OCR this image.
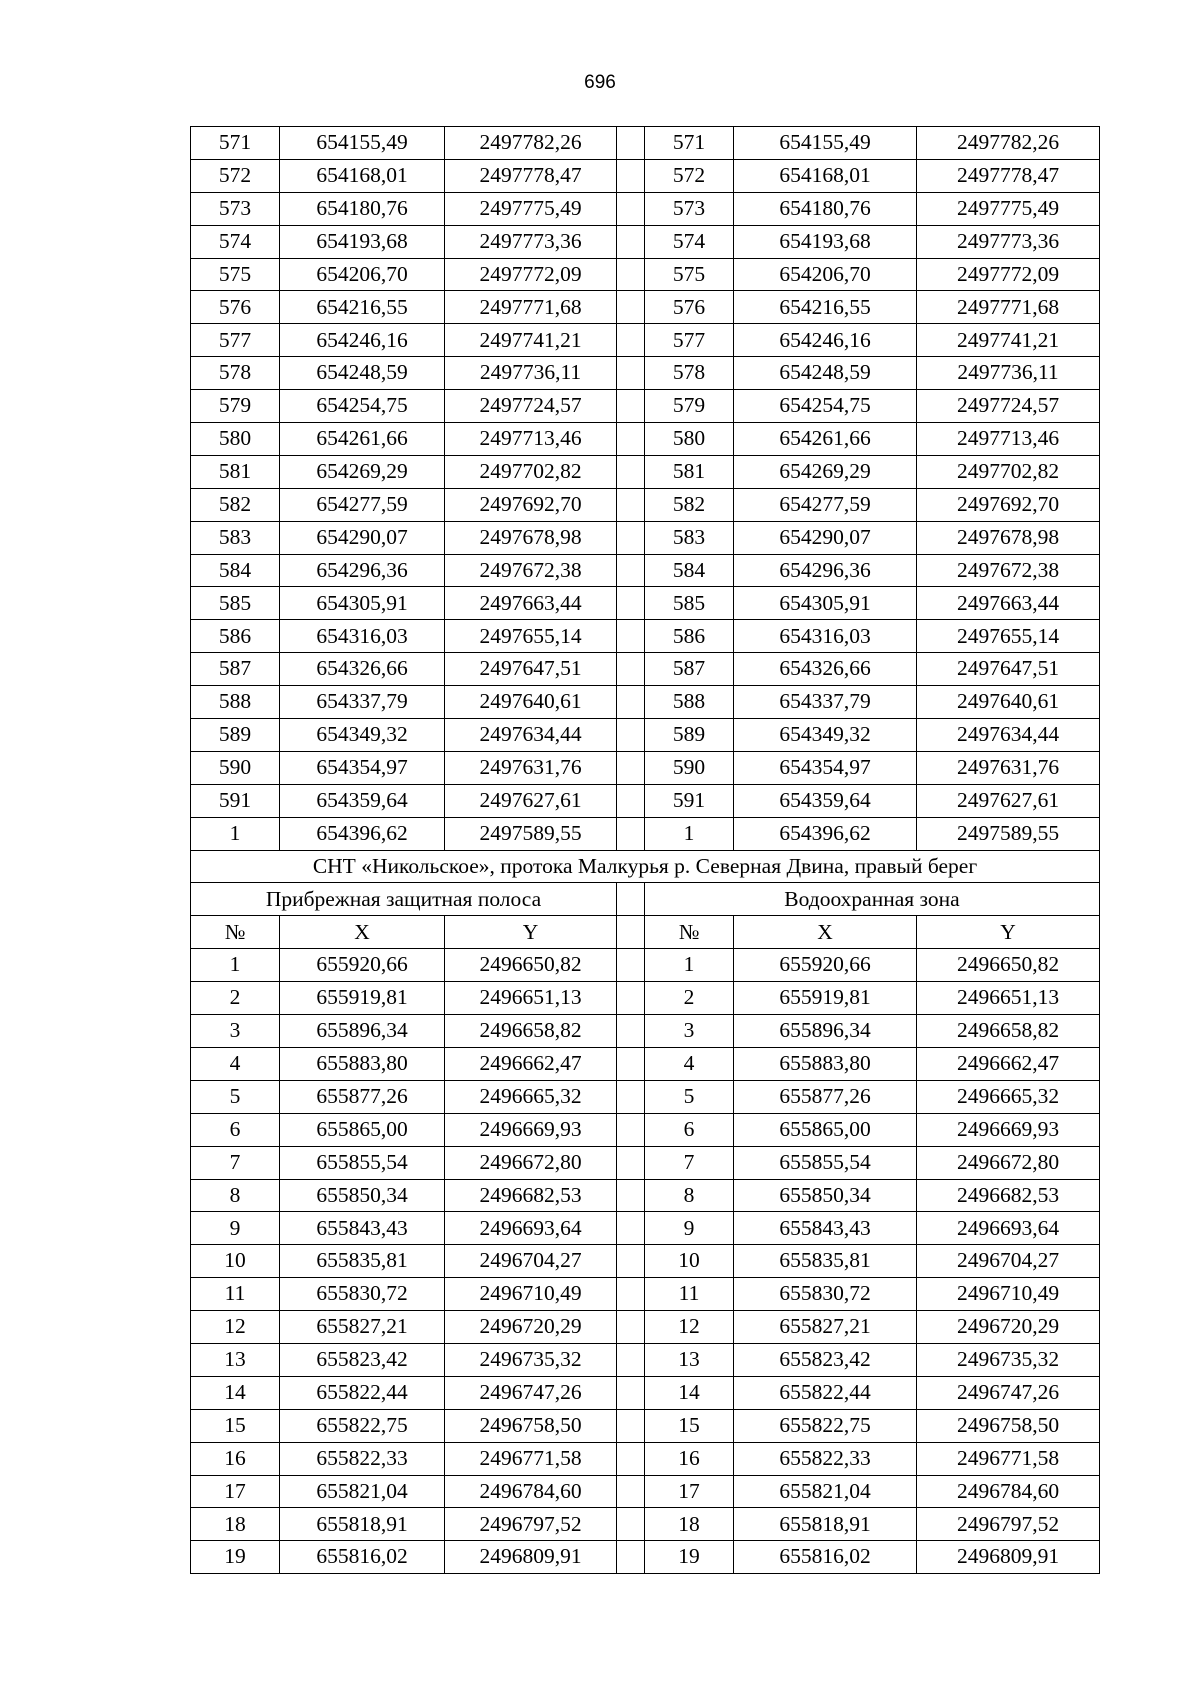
696
571	654155,49	2497782,26		571	654155,49	2497782,26
572	654168,01	2497778,47		572	654168,01	2497778,47
573	654180,76	2497775,49		573	654180,76	2497775,49
574	654193,68	2497773,36		574	654193,68	2497773,36
575	654206,70	2497772,09		575	654206,70	2497772,09
576	654216,55	2497771,68		576	654216,55	2497771,68
577	654246,16	2497741,21		577	654246,16	2497741,21
578	654248,59	2497736,11		578	654248,59	2497736,11
579	654254,75	2497724,57		579	654254,75	2497724,57
580	654261,66	2497713,46		580	654261,66	2497713,46
581	654269,29	2497702,82		581	654269,29	2497702,82
582	654277,59	2497692,70		582	654277,59	2497692,70
583	654290,07	2497678,98		583	654290,07	2497678,98
584	654296,36	2497672,38		584	654296,36	2497672,38
585	654305,91	2497663,44		585	654305,91	2497663,44
586	654316,03	2497655,14		586	654316,03	2497655,14
587	654326,66	2497647,51		587	654326,66	2497647,51
588	654337,79	2497640,61		588	654337,79	2497640,61
589	654349,32	2497634,44		589	654349,32	2497634,44
590	654354,97	2497631,76		590	654354,97	2497631,76
591	654359,64	2497627,61		591	654359,64	2497627,61
1	654396,62	2497589,55		1	654396,62	2497589,55
СНТ «Никольское», протока Малкурья р. Северная Двина, правый берег						
Прибрежная защитная полоса				Водоохранная зона		
№	X	Y		№	X	Y
1	655920,66	2496650,82		1	655920,66	2496650,82
2	655919,81	2496651,13		2	655919,81	2496651,13
3	655896,34	2496658,82		3	655896,34	2496658,82
4	655883,80	2496662,47		4	655883,80	2496662,47
5	655877,26	2496665,32		5	655877,26	2496665,32
6	655865,00	2496669,93		6	655865,00	2496669,93
7	655855,54	2496672,80		7	655855,54	2496672,80
8	655850,34	2496682,53		8	655850,34	2496682,53
9	655843,43	2496693,64		9	655843,43	2496693,64
10	655835,81	2496704,27		10	655835,81	2496704,27
11	655830,72	2496710,49		11	655830,72	2496710,49
12	655827,21	2496720,29		12	655827,21	2496720,29
13	655823,42	2496735,32		13	655823,42	2496735,32
14	655822,44	2496747,26		14	655822,44	2496747,26
15	655822,75	2496758,50		15	655822,75	2496758,50
16	655822,33	2496771,58		16	655822,33	2496771,58
17	655821,04	2496784,60		17	655821,04	2496784,60
18	655818,91	2496797,52		18	655818,91	2496797,52
19	655816,02	2496809,91		19	655816,02	2496809,91
